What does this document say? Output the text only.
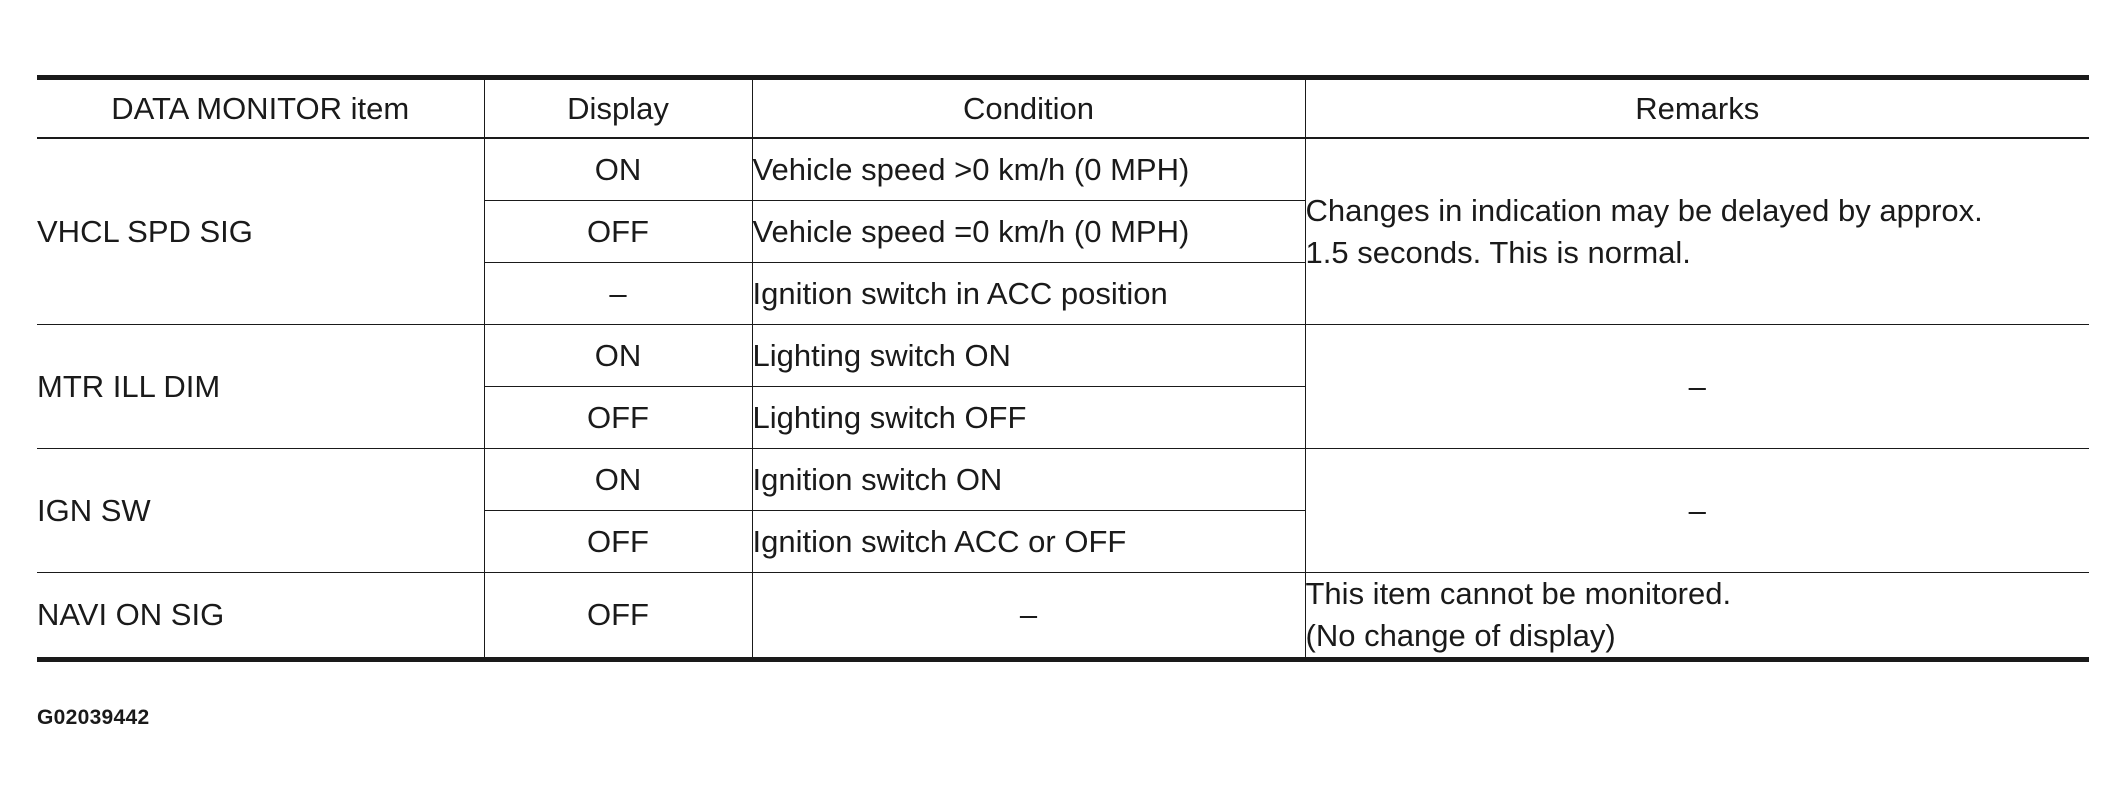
DATA MONITOR item	Display	Condition	Remarks
VHCL SPD SIG	ON	Vehicle speed >0 km/h (0 MPH)	Changes in indication may be delayed by approx.
1.5 seconds. This is normal.

	OFF	Vehicle speed =0 km/h (0 MPH)	
	–	Ignition switch in ACC position	
MTR ILL DIM	ON	Lighting switch ON	–
	OFF	Lighting switch OFF	
IGN SW	ON	Ignition switch ON	–
	OFF	Ignition switch ACC or OFF	
NAVI ON SIG	OFF	–	This item cannot be monitored.
(No change of display)
G02039442
